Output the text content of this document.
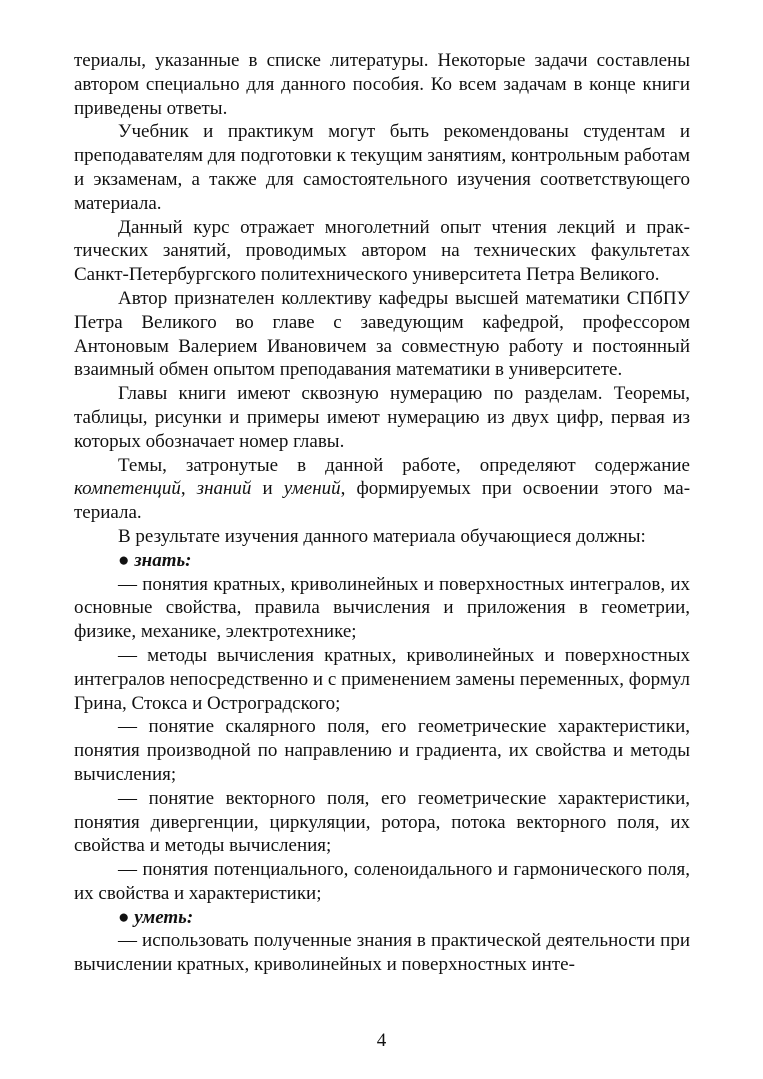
териалы, указанные в списке литературы. Некоторые задачи составлены автором специально для данного пособия. Ко всем задачам в конце книги приведены ответы.

Учебник и практикум могут быть рекомендованы студентам и преподавателям для подготовки к текущим занятиям, контрольным работам и экзаменам, а также для самостоятельного изучения соответствующего материала.

Данный курс отражает многолетний опыт чтения лекций и практических занятий, проводимых автором на технических факультетах Санкт-Петербургского политехнического университета Петра Великого.

Автор признателен коллективу кафедры высшей математики СПбПУ Петра Великого во главе с заведующим кафедрой, профессором Антоновым Валерием Ивановичем за совместную работу и постоянный взаимный обмен опытом преподавания математики в университете.

Главы книги имеют сквозную нумерацию по разделам. Теоремы, таблицы, рисунки и примеры имеют нумерацию из двух цифр, первая из которых обозначает номер главы.

Темы, затронутые в данной работе, определяют содержание компетенций, знаний и умений, формируемых при освоении этого материала.

В результате изучения данного материала обучающиеся должны:

● знать:

— понятия кратных, криволинейных и поверхностных интегралов, их основные свойства, правила вычисления и приложения в геометрии, физике, механике, электротехнике;

— методы вычисления кратных, криволинейных и поверхностных интегралов непосредственно и с применением замены переменных, формул Грина, Стокса и Остроградского;

— понятие скалярного поля, его геометрические характеристики, понятия производной по направлению и градиента, их свойства и методы вычисления;

— понятие векторного поля, его геометрические характеристики, понятия дивергенции, циркуляции, ротора, потока векторного поля, их свойства и методы вычисления;

— понятия потенциального, соленоидального и гармонического поля, их свойства и характеристики;

● уметь:

— использовать полученные знания в практической деятельности при вычислении кратных, криволинейных и поверхностных инте-

4
